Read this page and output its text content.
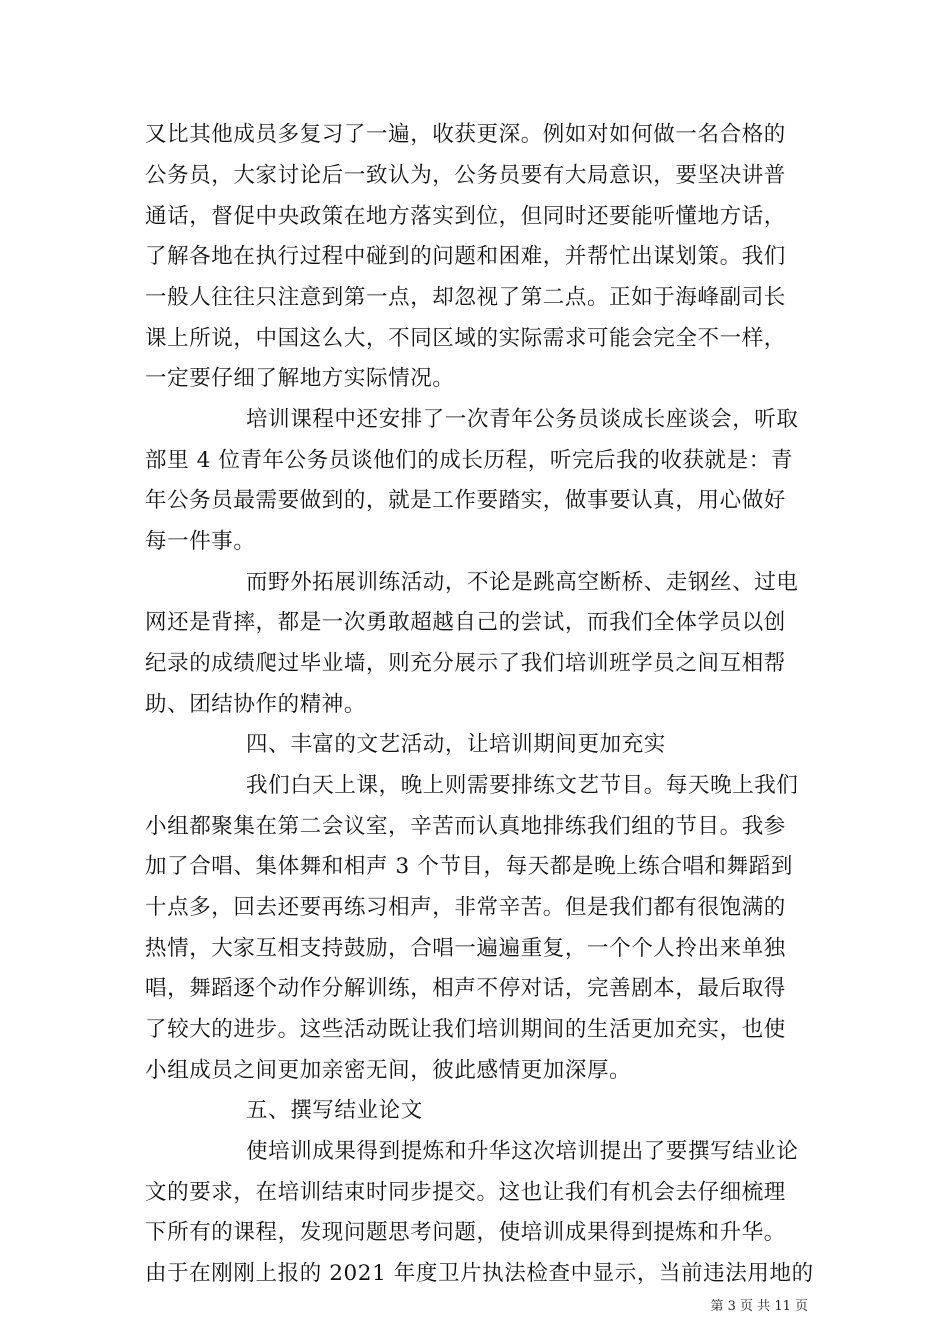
又比其他成员多复习了一遍，收获更深。例如对如何做一名合格的
公务员，大家讨论后一致认为，公务员要有大局意识，要坚决讲普
通话，督促中央政策在地方落实到位，但同时还要能听懂地方话，
了解各地在执行过程中碰到的问题和困难，并帮忙出谋划策。我们
一般人往往只注意到第一点，却忽视了第二点。正如于海峰副司长
课上所说，中国这么大，不同区域的实际需求可能会完全不一样，
一定要仔细了解地方实际情况。
培训课程中还安排了一次青年公务员谈成长座谈会，听取
部里 4 位青年公务员谈他们的成长历程，听完后我的收获就是：青
年公务员最需要做到的，就是工作要踏实，做事要认真，用心做好
每一件事。
而野外拓展训练活动，不论是跳高空断桥、走钢丝、过电
网还是背摔，都是一次勇敢超越自己的尝试，而我们全体学员以创
纪录的成绩爬过毕业墙，则充分展示了我们培训班学员之间互相帮
助、团结协作的精神。
四、丰富的文艺活动，让培训期间更加充实
我们白天上课，晚上则需要排练文艺节目。每天晚上我们
小组都聚集在第二会议室，辛苦而认真地排练我们组的节目。我参
加了合唱、集体舞和相声 3 个节目，每天都是晚上练合唱和舞蹈到
十点多，回去还要再练习相声，非常辛苦。但是我们都有很饱满的
热情，大家互相支持鼓励，合唱一遍遍重复，一个个人拎出来单独
唱，舞蹈逐个动作分解训练，相声不停对话，完善剧本，最后取得
了较大的进步。这些活动既让我们培训期间的生活更加充实，也使
小组成员之间更加亲密无间，彼此感情更加深厚。
五、撰写结业论文
使培训成果得到提炼和升华这次培训提出了要撰写结业论
文的要求，在培训结束时同步提交。这也让我们有机会去仔细梳理
下所有的课程，发现问题思考问题，使培训成果得到提炼和升华。
由于在刚刚上报的 2021 年度卫片执法检查中显示，当前违法用地的
第 3 页 共 11 页
